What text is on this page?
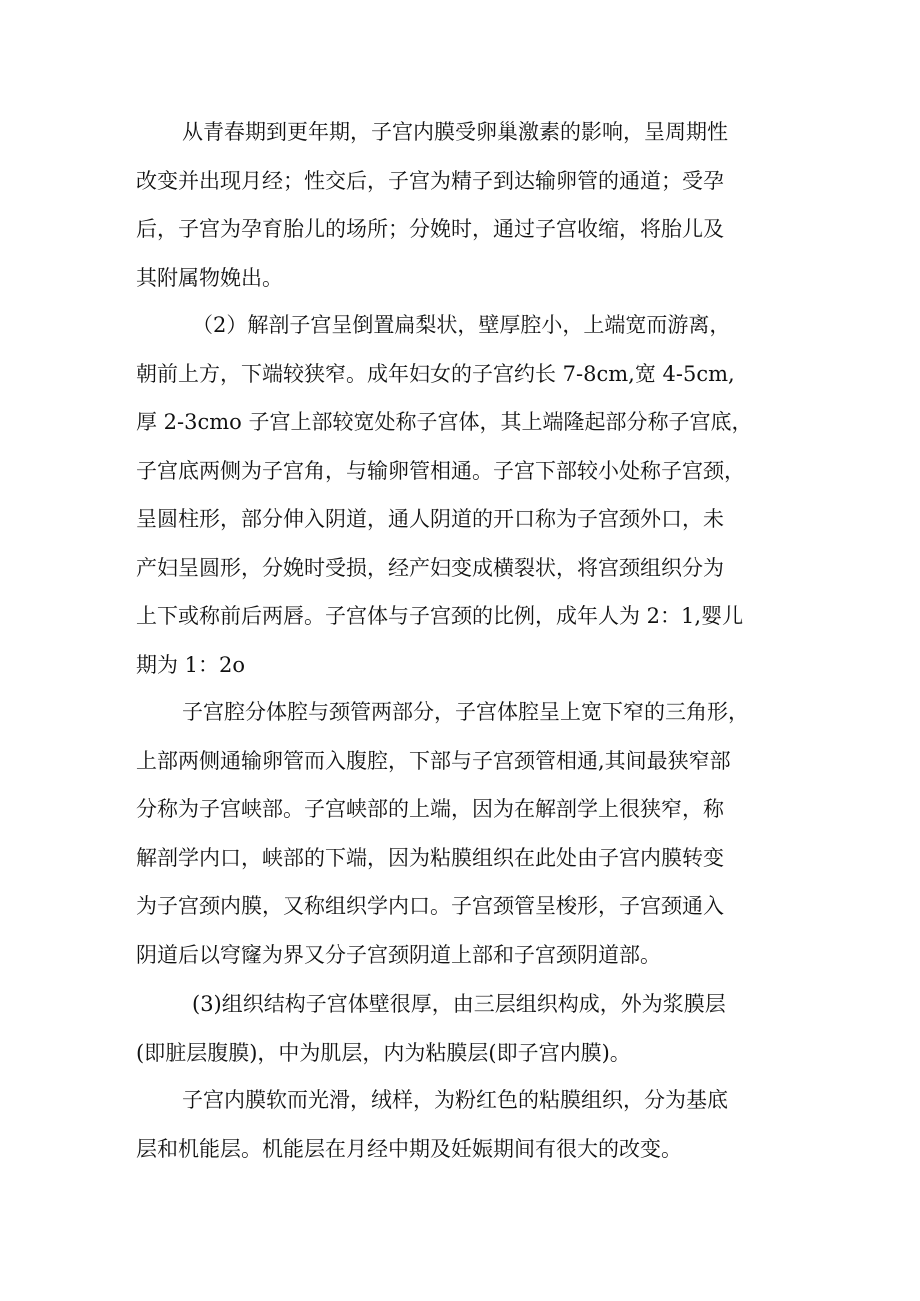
从青春期到更年期，子宫内膜受卵巢激素的影响，呈周期性
改变并出现月经；性交后，子宫为精子到达输卵管的通道；受孕
后，子宫为孕育胎儿的场所；分娩时，通过子宫收缩，将胎儿及
其附属物娩出。

（2）解剖子宫呈倒置扁梨状，壁厚腔小，上端宽而游离，
朝前上方，下端较狭窄。成年妇女的子宫约长 7-8cm,宽 4-5cm,
厚 2-3cmo 子宫上部较宽处称子宫体，其上端隆起部分称子宫底，
子宫底两侧为子宫角，与输卵管相通。子宫下部较小处称子宫颈，
呈圆柱形，部分伸入阴道，通人阴道的开口称为子宫颈外口，未
产妇呈圆形，分娩时受损，经产妇变成横裂状，将宫颈组织分为
上下或称前后两唇。子宫体与子宫颈的比例，成年人为 2：1,婴儿
期为 1：2o

子宫腔分体腔与颈管两部分，子宫体腔呈上宽下窄的三角形，
上部两侧通输卵管而入腹腔，下部与子宫颈管相通,其间最狭窄部
分称为子宫峡部。子宫峡部的上端，因为在解剖学上很狭窄，称
解剖学内口，峡部的下端，因为粘膜组织在此处由子宫内膜转变
为子宫颈内膜，又称组织学内口。子宫颈管呈梭形，子宫颈通入
阴道后以穹窿为界又分子宫颈阴道上部和子宫颈阴道部。

(3)组织结构子宫体壁很厚，由三层组织构成，外为浆膜层
(即脏层腹膜)，中为肌层，内为粘膜层(即子宫内膜)。

子宫内膜软而光滑，绒样，为粉红色的粘膜组织，分为基底
层和机能层。机能层在月经中期及妊娠期间有很大的改变。
